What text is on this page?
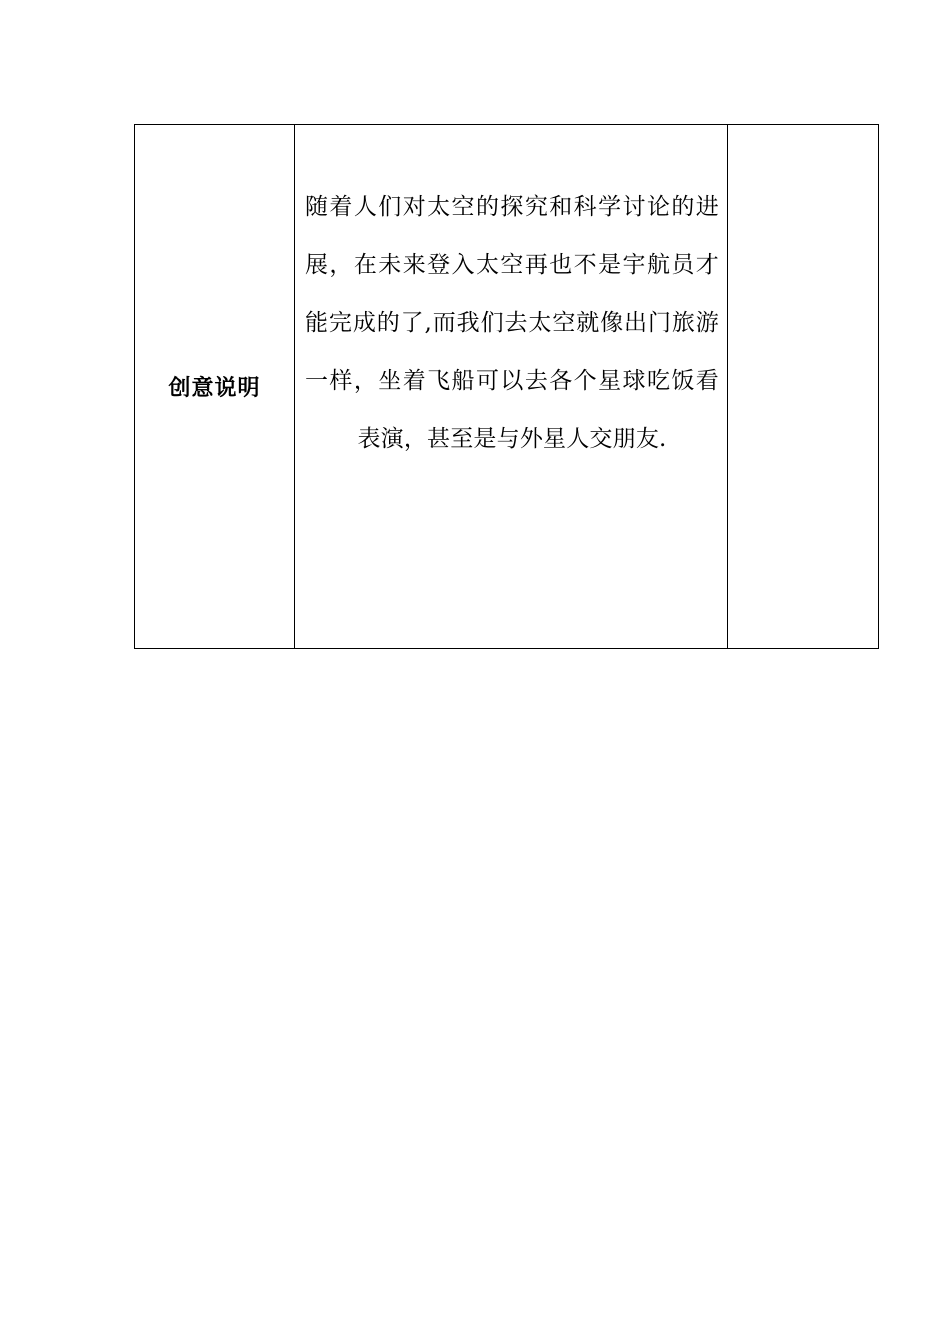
创意说明	

随着人们对太空的探究和科学讨论的进展，在未来登入太空再也不是宇航员才能完成的了,而我们去太空就像出门旅游一样，坐着飞船可以去各个星球吃饭看表演，甚至是与外星人交朋友.
